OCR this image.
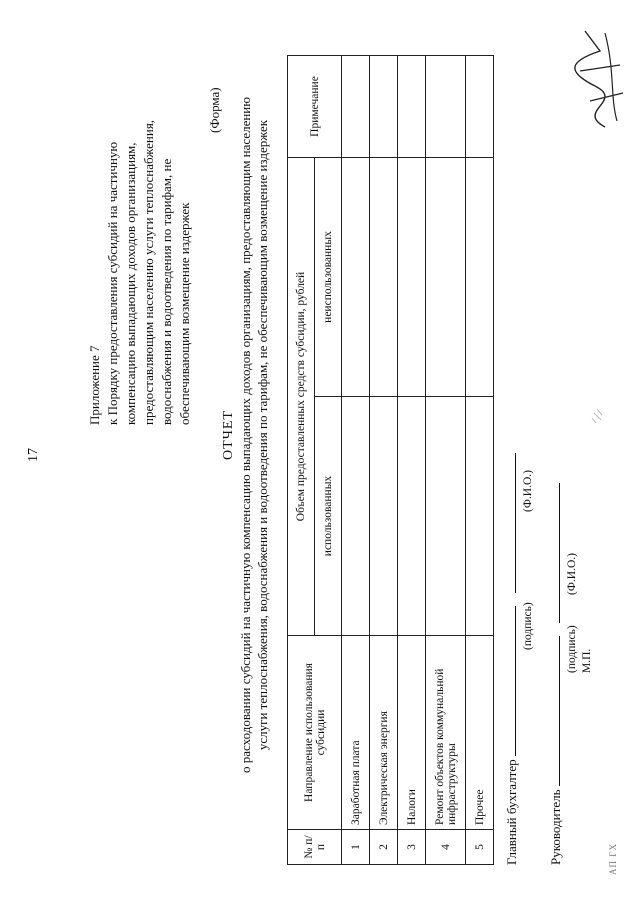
17
Приложение 7 к Порядку предоставления субсидий на частичную компенсацию выпадающих доходов организациям, предоставляющим населению услуги теплоснабжения, водоснабжения и водоотведения по тарифам, не обеспечивающим возмещение издержек
(Форма)
ОТЧЕТ о расходовании субсидий на частичную компенсацию выпадающих доходов организациям, предоставляющим населению услуги теплоснабжения, водоснабжения и водоотведения по тарифам, не обеспечивающим возмещение издержек
№ п/п	Направление использования субсидии	Объем предоставленных средств субсидии, рублей		Примечание
		использованных	неиспользованных	
1	Заработная плата			
2	Электрическая энергия			
3	Налоги			
4	Ремонт объектов коммунальной инфраструктуры			
5	Прочее			Главный бухгалтер
(подпись)
(Ф.И.О.)
Руководитель
(подпись) М.П.
(Ф.И.О.)
АП ГХ
